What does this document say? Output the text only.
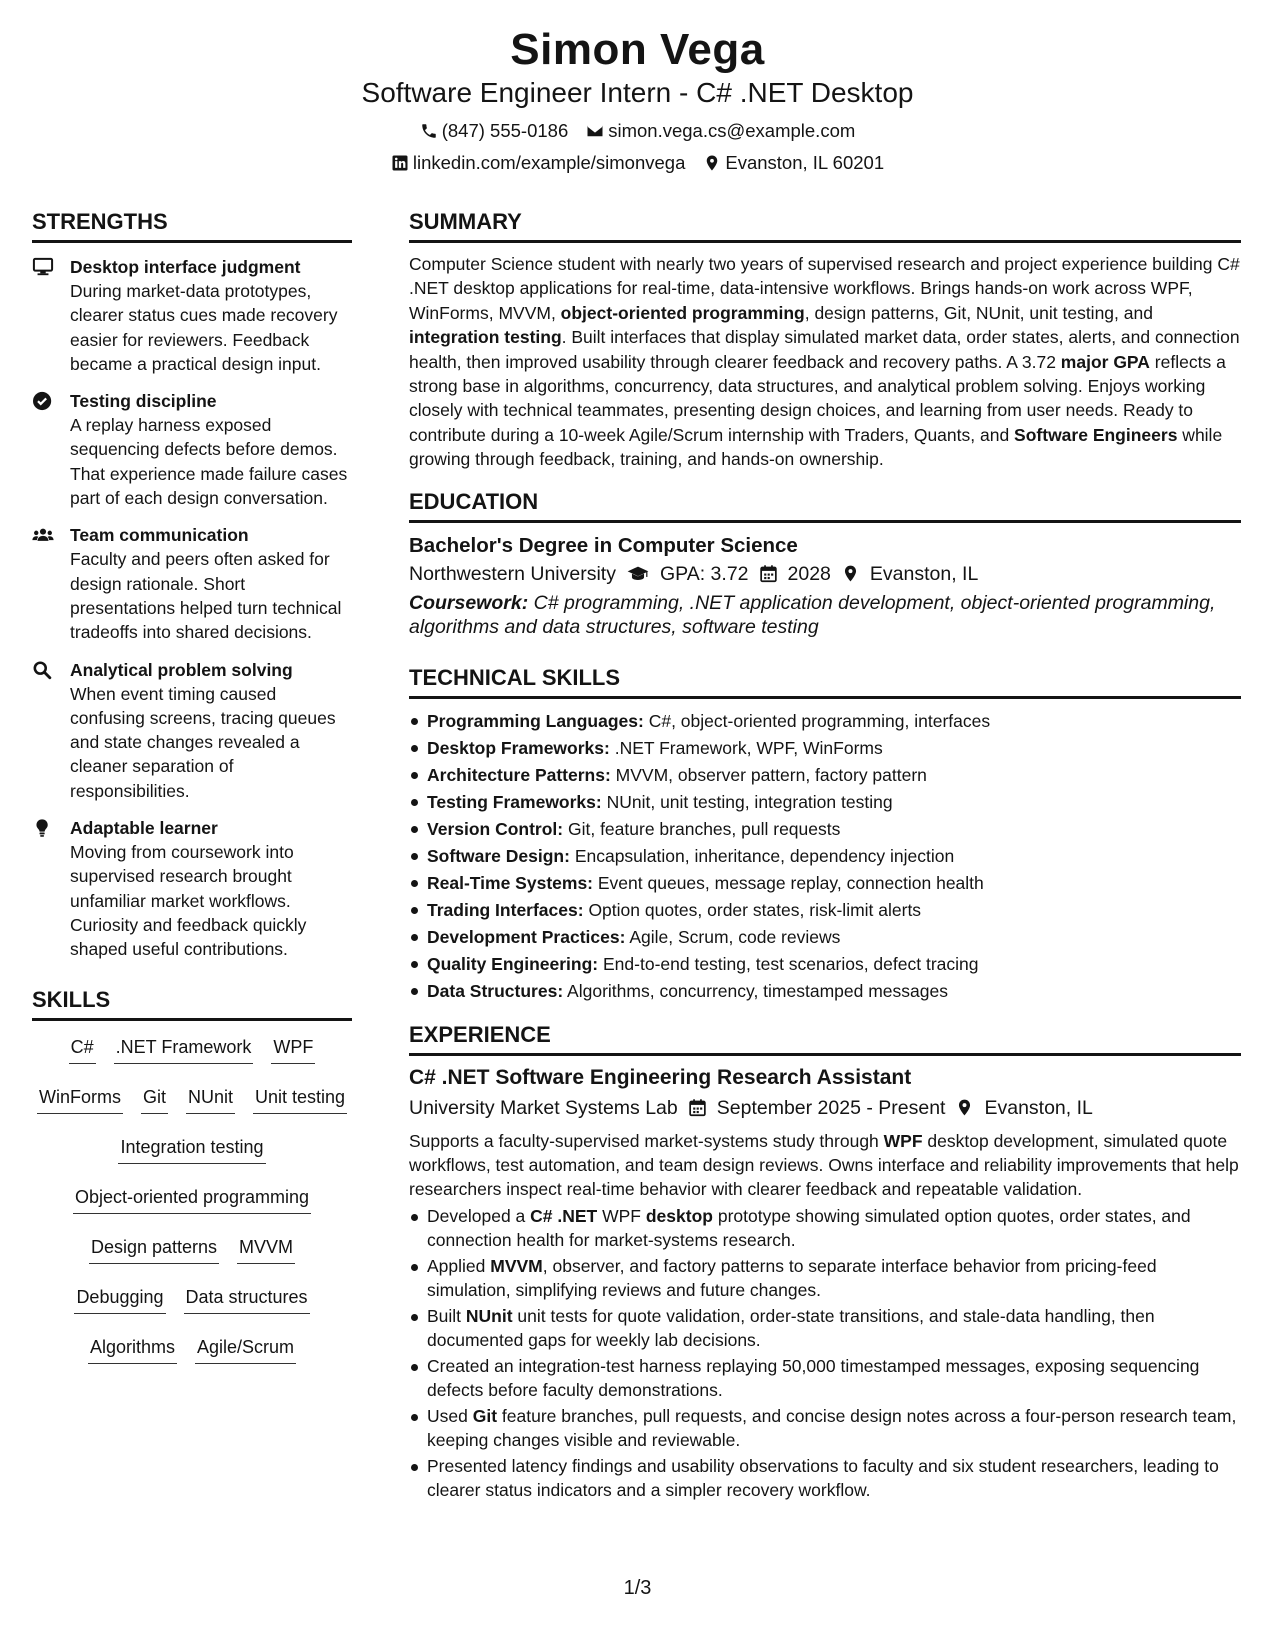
Simon Vega
Software Engineer Intern - C# .NET Desktop
(847) 555-0186 simon.vega.cs@example.com
linkedin.com/example/simonvega Evanston, IL 60201
STRENGTHS
Desktop interface judgment
During market-data prototypes, clearer status cues made recovery easier for reviewers. Feedback became a practical design input.
Testing discipline
A replay harness exposed sequencing defects before demos. That experience made failure cases part of each design conversation.
Team communication
Faculty and peers often asked for design rationale. Short presentations helped turn technical tradeoffs into shared decisions.
Analytical problem solving
When event timing caused confusing screens, tracing queues and state changes revealed a cleaner separation of responsibilities.
Adaptable learner
Moving from coursework into supervised research brought unfamiliar market workflows. Curiosity and feedback quickly shaped useful contributions.
SKILLS
C# .NET Framework WPF
WinForms Git NUnit Unit testing
Integration testing
Object-oriented programming
Design patterns MVVM
Debugging Data structures
Algorithms Agile/Scrum
SUMMARY
Computer Science student with nearly two years of supervised research and project experience building C# .NET desktop applications for real-time, data-intensive workflows. Brings hands-on work across WPF, WinForms, MVVM, object-oriented programming, design patterns, Git, NUnit, unit testing, and integration testing. Built interfaces that display simulated market data, order states, alerts, and connection health, then improved usability through clearer feedback and recovery paths. A 3.72 major GPA reflects a strong base in algorithms, concurrency, data structures, and analytical problem solving. Enjoys working closely with technical teammates, presenting design choices, and learning from user needs. Ready to contribute during a 10-week Agile/Scrum internship with Traders, Quants, and Software Engineers while growing through feedback, training, and hands-on ownership.
EDUCATION
Bachelor's Degree in Computer Science
Northwestern University GPA: 3.72 2028 Evanston, IL
Coursework: C# programming, .NET application development, object-oriented programming, algorithms and data structures, software testing
TECHNICAL SKILLS
Programming Languages: C#, object-oriented programming, interfaces
Desktop Frameworks: .NET Framework, WPF, WinForms
Architecture Patterns: MVVM, observer pattern, factory pattern
Testing Frameworks: NUnit, unit testing, integration testing
Version Control: Git, feature branches, pull requests
Software Design: Encapsulation, inheritance, dependency injection
Real-Time Systems: Event queues, message replay, connection health
Trading Interfaces: Option quotes, order states, risk-limit alerts
Development Practices: Agile, Scrum, code reviews
Quality Engineering: End-to-end testing, test scenarios, defect tracing
Data Structures: Algorithms, concurrency, timestamped messages
EXPERIENCE
C# .NET Software Engineering Research Assistant
University Market Systems Lab September 2025 - Present Evanston, IL
Supports a faculty-supervised market-systems study through WPF desktop development, simulated quote workflows, test automation, and team design reviews. Owns interface and reliability improvements that help researchers inspect real-time behavior with clearer feedback and repeatable validation.
Developed a C# .NET WPF desktop prototype showing simulated option quotes, order states, and connection health for market-systems research.
Applied MVVM, observer, and factory patterns to separate interface behavior from pricing-feed simulation, simplifying reviews and future changes.
Built NUnit unit tests for quote validation, order-state transitions, and stale-data handling, then documented gaps for weekly lab decisions.
Created an integration-test harness replaying 50,000 timestamped messages, exposing sequencing defects before faculty demonstrations.
Used Git feature branches, pull requests, and concise design notes across a four-person research team, keeping changes visible and reviewable.
Presented latency findings and usability observations to faculty and six student researchers, leading to clearer status indicators and a simpler recovery workflow.
1/3
